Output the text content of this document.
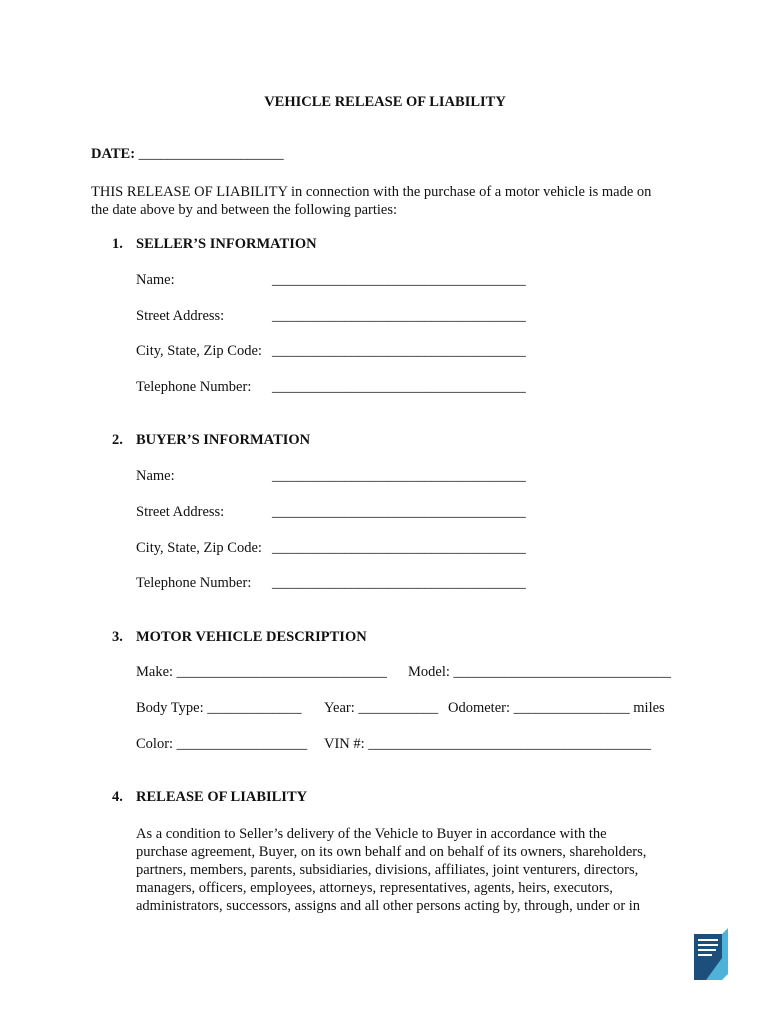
VEHICLE RELEASE OF LIABILITY
DATE: ____________________
THIS RELEASE OF LIABILITY in connection with the purchase of a motor vehicle is made on
the date above by and between the following parties:
1. SELLER’S INFORMATION
Name:	___________________________________
Street Address:	___________________________________
City, State, Zip Code: ___________________________________
Telephone Number: ___________________________________
2. BUYER’S INFORMATION
Name:	___________________________________
Street Address:	___________________________________
City, State, Zip Code: ___________________________________
Telephone Number: ___________________________________
3. MOTOR VEHICLE DESCRIPTION
Make: _____________________________ Model: ______________________________
Body Type: _____________ Year: ___________ Odometer: ________________ miles
Color: __________________ VIN #: _______________________________________
4. RELEASE OF LIABILITY
As a condition to Seller’s delivery of the Vehicle to Buyer in accordance with the
purchase agreement, Buyer, on its own behalf and on behalf of its owners, shareholders,
partners, members, parents, subsidiaries, divisions, affiliates, joint venturers, directors,
managers, officers, employees, attorneys, representatives, agents, heirs, executors,
administrators, successors, assigns and all other persons acting by, through, under or in
